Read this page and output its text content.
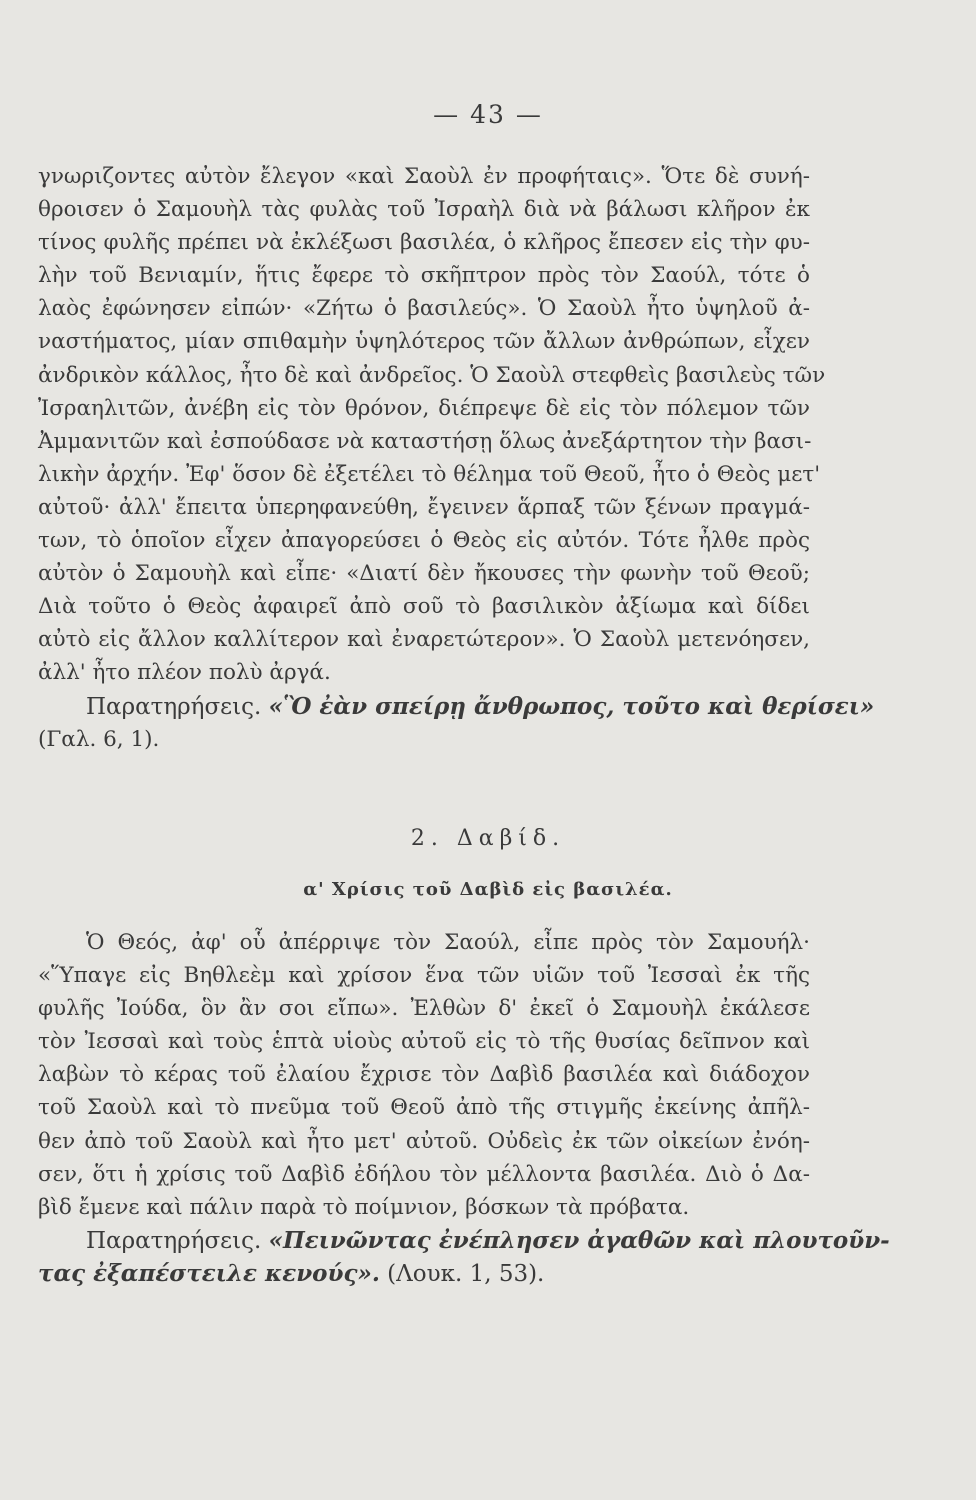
— 43 —
γνωριζοντες αὐτὸν ἔλεγον «καὶ Σαοὺλ ἐν προφήταις». Ὅτε δὲ συνή-
θροισεν ὁ Σαμουὴλ τὰς φυλὰς τοῦ Ἰσραὴλ διὰ νὰ βάλωσι κλῆρον ἐκ
τίνος φυλῆς πρέπει νὰ ἐκλέξωσι βασιλέα, ὁ κλῆρος ἔπεσεν εἰς τὴν φυ-
λὴν τοῦ Βενιαμίν, ἥτις ἔφερε τὸ σκῆπτρον πρὸς τὸν Σαούλ, τότε ὁ
λαὸς ἐφώνησεν εἰπών· «Ζήτω ὁ βασιλεύς». Ὁ Σαοὺλ ἦτο ὑψηλοῦ ἀ-
ναστήματος, μίαν σπιθαμὴν ὑψηλότερος τῶν ἄλλων ἀνθρώπων, εἶχεν
ἀνδρικὸν κάλλος, ἦτο δὲ καὶ ἀνδρεῖος. Ὁ Σαοὺλ στεφθεὶς βασιλεὺς τῶν
Ἰσραηλιτῶν, ἀνέβη εἰς τὸν θρόνον, διέπρεψε δὲ εἰς τὸν πόλεμον τῶν
Ἀμμανιτῶν καὶ ἐσπούδασε νὰ καταστήσῃ ὅλως ἀνεξάρτητον τὴν βασι-
λικὴν ἀρχήν. Ἐφ' ὅσον δὲ ἐξετέλει τὸ θέλημα τοῦ Θεοῦ, ἦτο ὁ Θεὸς μετ'
αὐτοῦ· ἀλλ' ἔπειτα ὑπερηφανεύθη, ἔγεινεν ἅρπαξ τῶν ξένων πραγμά-
των, τὸ ὁποῖον εἶχεν ἀπαγορεύσει ὁ Θεὸς εἰς αὐτόν. Τότε ἦλθε πρὸς
αὐτὸν ὁ Σαμουὴλ καὶ εἶπε· «Διατί δὲν ἤκουσες τὴν φωνὴν τοῦ Θεοῦ;
Διὰ τοῦτο ὁ Θεὸς ἀφαιρεῖ ἀπὸ σοῦ τὸ βασιλικὸν ἀξίωμα καὶ δίδει
αὐτὸ εἰς ἄλλον καλλίτερον καὶ ἐναρετώτερον». Ὁ Σαοὺλ μετενόησεν,
ἀλλ' ἦτο πλέον πολὺ ἀργά.
Παρατηρήσεις. «Ὃ ἐὰν σπείρῃ ἄνθρωπος, τοῦτο καὶ θερίσει»
(Γαλ. 6, 1).
2. Δαβίδ.
α' Χρίσις τοῦ Δαβὶδ εἰς βασιλέα.
Ὁ Θεός, ἀφ' οὗ ἀπέρριψε τὸν Σαούλ, εἶπε πρὸς τὸν Σαμουήλ·
«Ὕπαγε εἰς Βηθλεὲμ καὶ χρίσον ἕνα τῶν υἱῶν τοῦ Ἰεσσαὶ ἐκ τῆς
φυλῆς Ἰούδα, ὃν ἂν σοι εἴπω». Ἐλθὼν δ' ἐκεῖ ὁ Σαμουὴλ ἐκάλεσε
τὸν Ἰεσσαὶ καὶ τοὺς ἑπτὰ υἱοὺς αὐτοῦ εἰς τὸ τῆς θυσίας δεῖπνον καὶ
λαβὼν τὸ κέρας τοῦ ἐλαίου ἔχρισε τὸν Δαβὶδ βασιλέα καὶ διάδοχον
τοῦ Σαοὺλ καὶ τὸ πνεῦμα τοῦ Θεοῦ ἀπὸ τῆς στιγμῆς ἐκείνης ἀπῆλ-
θεν ἀπὸ τοῦ Σαοὺλ καὶ ἦτο μετ' αὐτοῦ. Οὐδεὶς ἐκ τῶν οἰκείων ἐνόη-
σεν, ὅτι ἡ χρίσις τοῦ Δαβὶδ ἐδήλου τὸν μέλλοντα βασιλέα. Διὸ ὁ Δα-
βὶδ ἔμενε καὶ πάλιν παρὰ τὸ ποίμνιον, βόσκων τὰ πρόβατα.
Παρατηρήσεις. «Πεινῶντας ἐνέπλησεν ἀγαθῶν καὶ πλουτοῦν-
τας ἐξαπέστειλε κενούς». (Λουκ. 1, 53).
